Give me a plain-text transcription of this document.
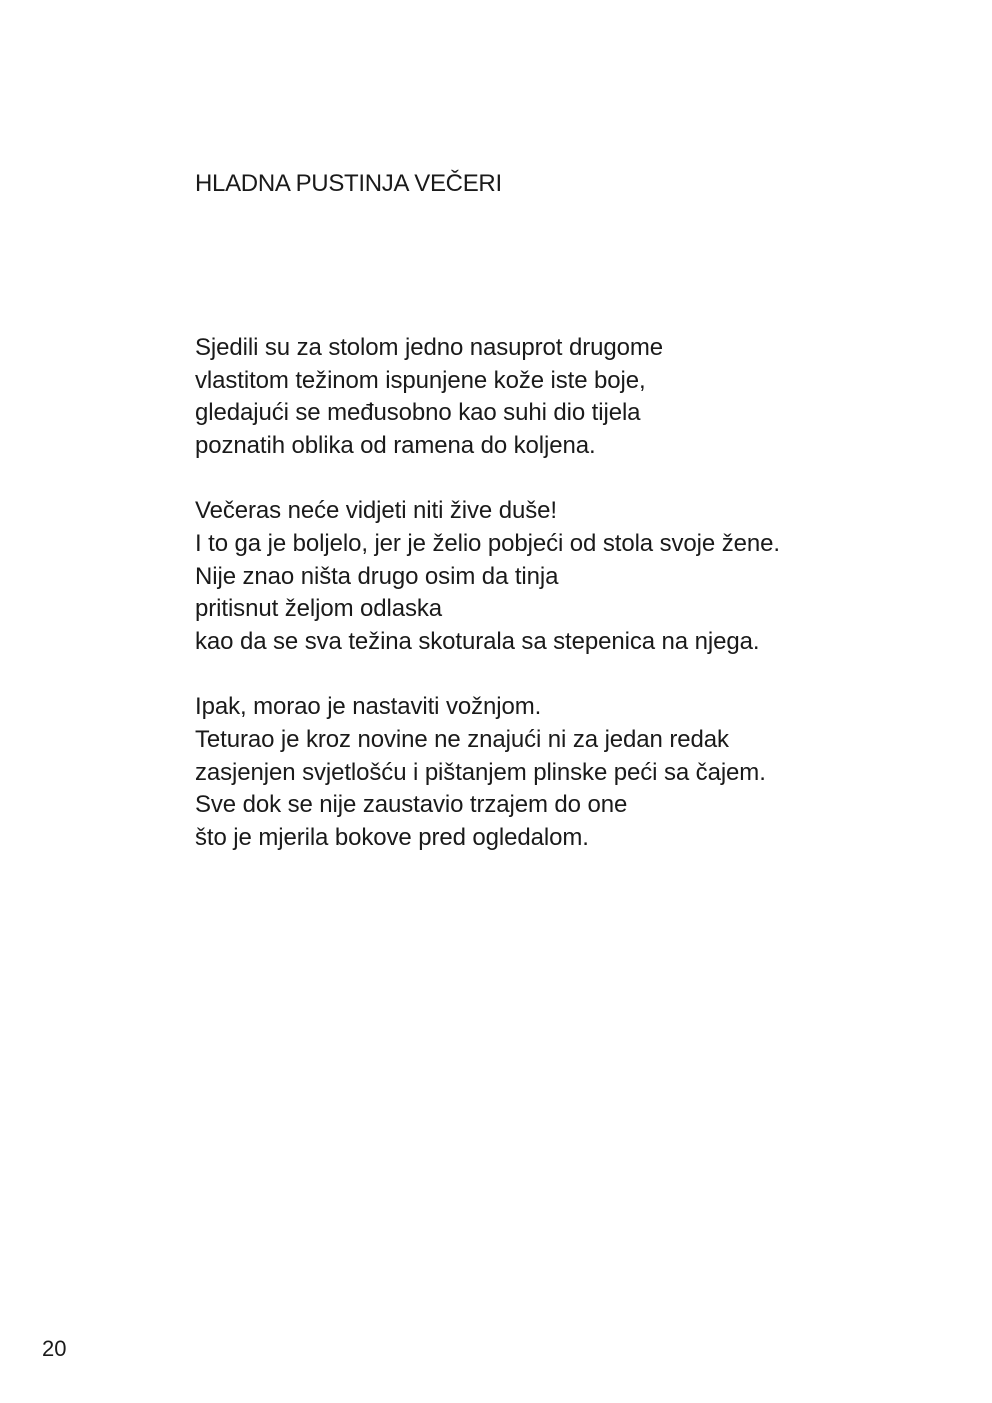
HLADNA PUSTINJA VEČERI
Sjedili su za stolom jedno nasuprot drugome
vlastitom težinom ispunjene kože iste boje,
gledajući se međusobno kao suhi dio tijela
poznatih oblika od ramena do koljena.
Večeras neće vidjeti niti žive duše!
I to ga je boljelo, jer je želio pobjeći od stola svoje žene.
Nije znao ništa drugo osim da tinja
pritisnut željom odlaska
kao da se sva težina skoturala sa stepenica na njega.
Ipak, morao je nastaviti vožnjom.
Teturao je kroz novine ne znajući ni za jedan redak
zasjenjen svjetlošću i pištanjem plinske peći sa čajem.
Sve dok se nije zaustavio trzajem do one
što je mjerila bokove pred ogledalom.
20
